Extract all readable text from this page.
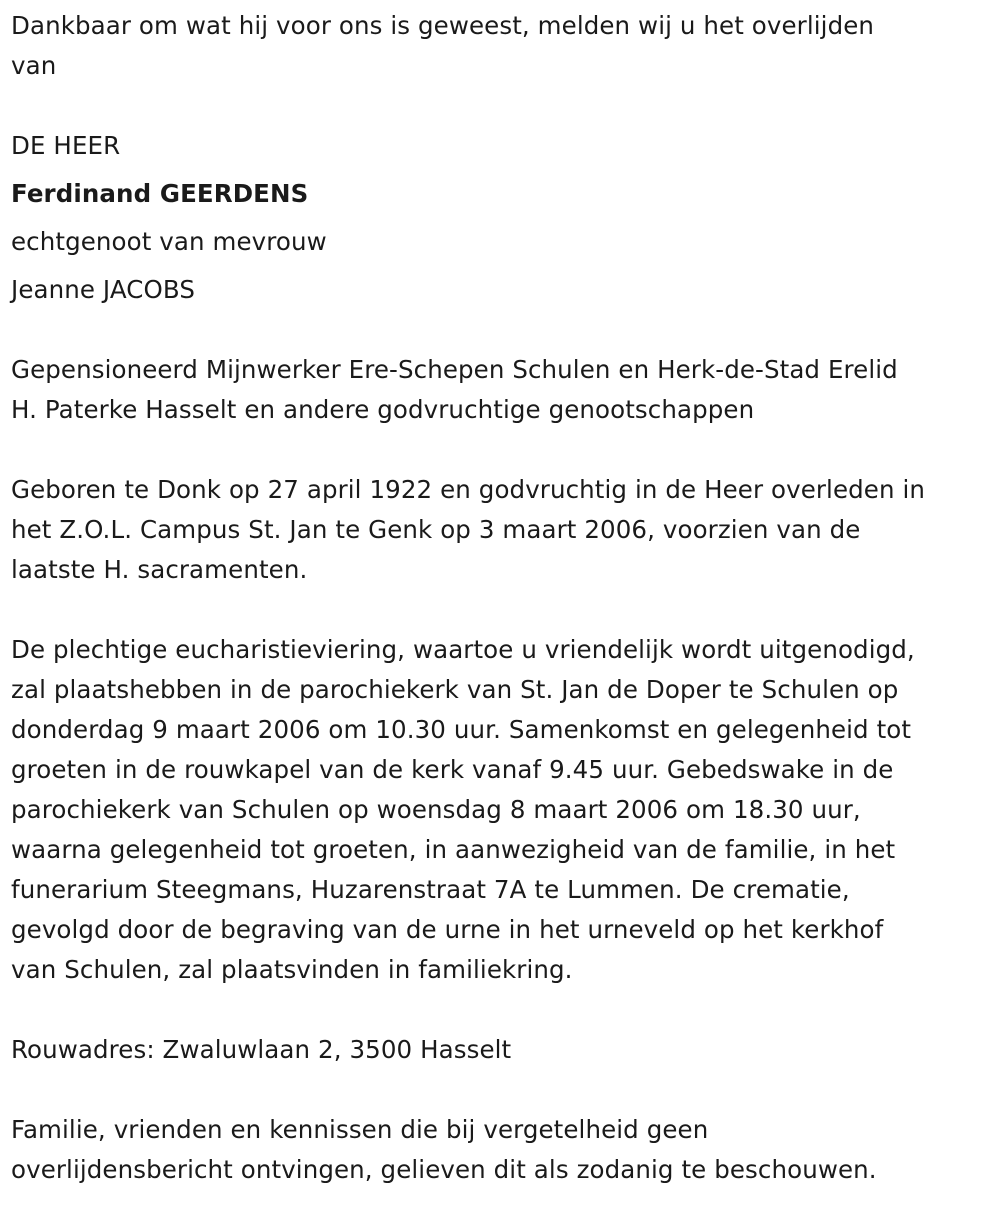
Dankbaar om wat hij voor ons is geweest, melden wij u het overlijden
van

DE HEER

Ferdinand GEERDENS

echtgenoot van mevrouw

Jeanne JACOBS

Gepensioneerd Mijnwerker Ere-Schepen Schulen en Herk-de-Stad Erelid
H. Paterke Hasselt en andere godvruchtige genootschappen

Geboren te Donk op 27 april 1922 en godvruchtig in de Heer overleden in
het Z.O.L. Campus St. Jan te Genk op 3 maart 2006, voorzien van de
laatste H. sacramenten.

De plechtige eucharistieviering, waartoe u vriendelijk wordt uitgenodigd,
zal plaatshebben in de parochiekerk van St. Jan de Doper te Schulen op
donderdag 9 maart 2006 om 10.30 uur. Samenkomst en gelegenheid tot
groeten in de rouwkapel van de kerk vanaf 9.45 uur. Gebedswake in de
parochiekerk van Schulen op woensdag 8 maart 2006 om 18.30 uur,
waarna gelegenheid tot groeten, in aanwezigheid van de familie, in het
funerarium Steegmans, Huzarenstraat 7A te Lummen. De crematie,
gevolgd door de begraving van de urne in het urneveld op het kerkhof
van Schulen, zal plaatsvinden in familiekring.

Rouwadres: Zwaluwlaan 2, 3500 Hasselt

Familie, vrienden en kennissen die bij vergetelheid geen
overlijdensbericht ontvingen, gelieven dit als zodanig te beschouwen.
